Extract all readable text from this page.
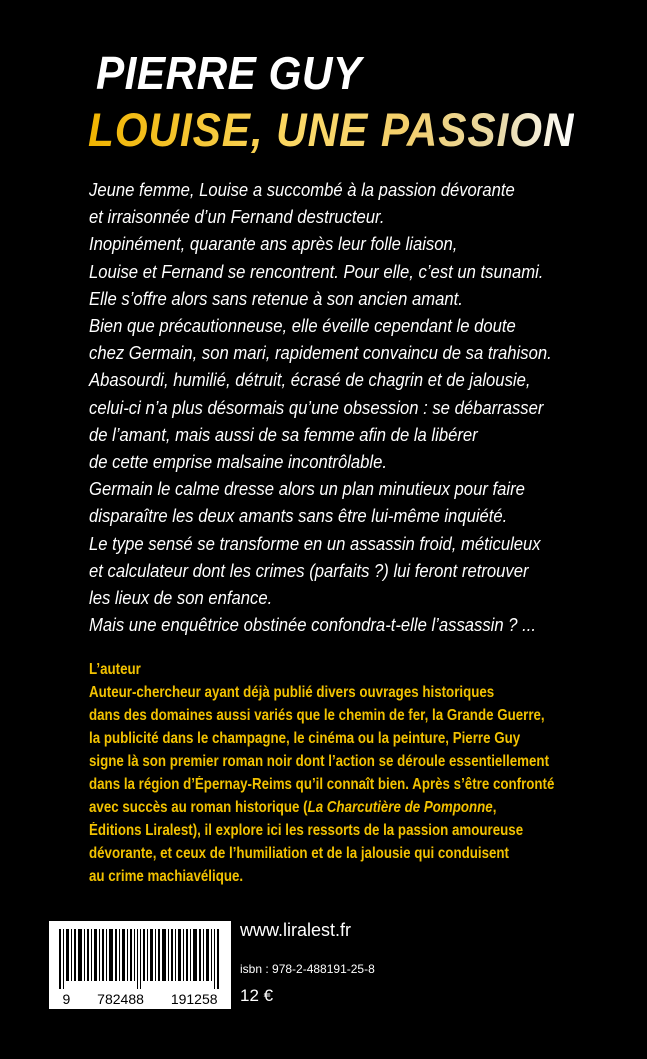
PIERRE GUY
LOUISE, UNE PASSION
Jeune femme, Louise a succombé à la passion dévorante
et irraisonnée d’un Fernand destructeur.
Inopinément, quarante ans après leur folle liaison,
Louise et Fernand se rencontrent. Pour elle, c’est un tsunami.
Elle s’offre alors sans retenue à son ancien amant.
Bien que précautionneuse, elle éveille cependant le doute
chez Germain, son mari, rapidement convaincu de sa trahison.
Abasourdi, humilié, détruit, écrasé de chagrin et de jalousie,
celui-ci n’a plus désormais qu’une obsession : se débarrasser
de l’amant, mais aussi de sa femme afin de la libérer
de cette emprise malsaine incontrôlable.
Germain le calme dresse alors un plan minutieux pour faire
disparaître les deux amants sans être lui-même inquiété.
Le type sensé se transforme en un assassin froid, méticuleux
et calculateur dont les crimes (parfaits ?) lui feront retrouver
les lieux de son enfance.
Mais une enquêtrice obstinée confondra-t-elle l’assassin ? ...
L’auteur
Auteur-chercheur ayant déjà publié divers ouvrages historiques
dans des domaines aussi variés que le chemin de fer, la Grande Guerre,
la publicité dans le champagne, le cinéma ou la peinture, Pierre Guy
signe là son premier roman noir dont l’action se déroule essentiellement
dans la région d’Épernay-Reims qu’il connaît bien. Après s’être confronté
avec succès au roman historique (La Charcutière de Pomponne,
Éditions Liralest), il explore ici les ressorts de la passion amoureuse
dévorante, et ceux de l’humiliation et de la jalousie qui conduisent
au crime machiavélique.
9 782488 191258
www.liralest.fr
isbn : 978-2-488191-25-8
12 €
